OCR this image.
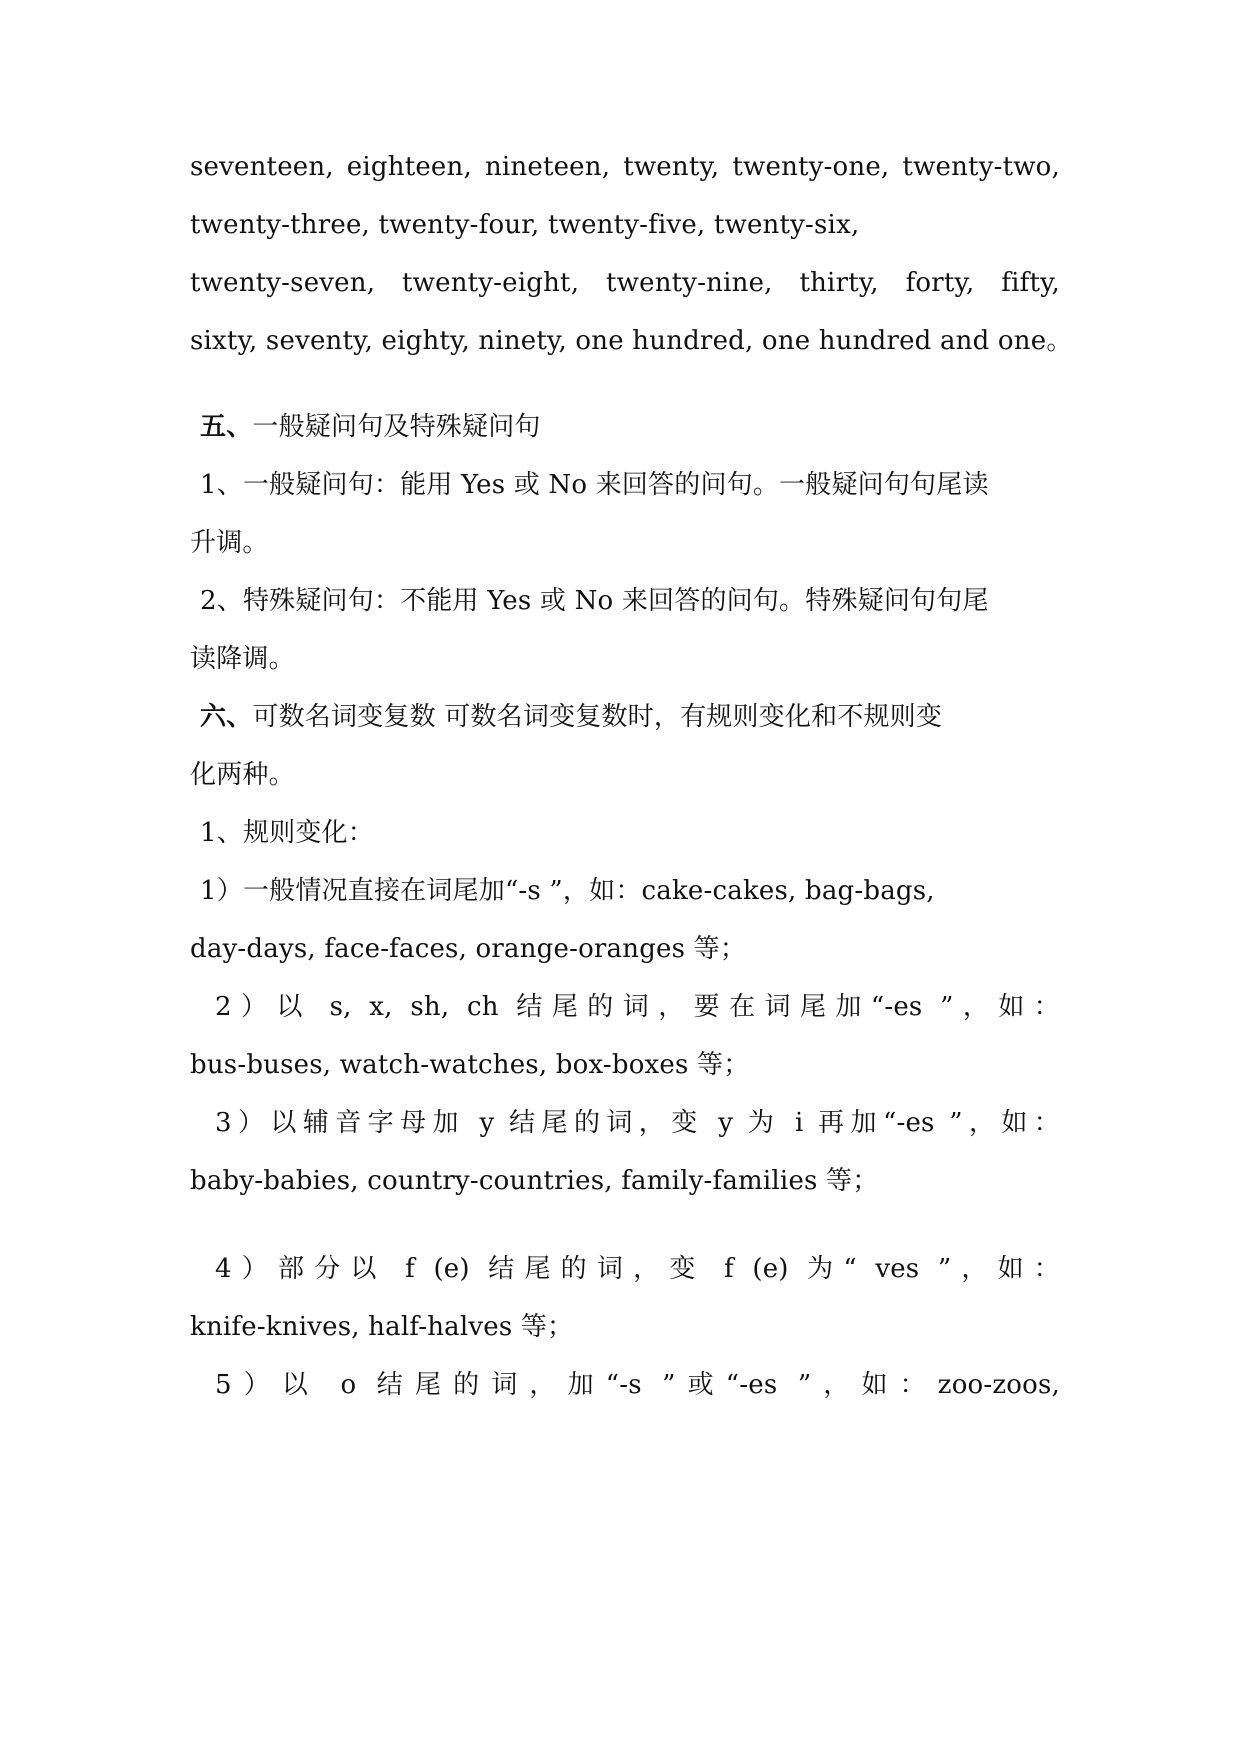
seventeen, eighteen, nineteen, twenty, twenty-one, twenty-two,
twenty-three, twenty-four, twenty-five, twenty-six,
twenty-seven, twenty-eight, twenty-nine, thirty, forty, fifty,
sixty, seventy, eighty, ninety, one hundred, one hundred and one。
五、 一般疑问句及特殊疑问句
1、一般疑问句：能用 Yes 或 No 来回答的问句。一般疑问句句尾读
升调。
2、特殊疑问句：不能用 Yes 或 No 来回答的问句。特殊疑问句句尾
读降调。
六、 可数名词变复数 可数名词变复数时，有规则变化和不规则变
化两种。
1、规则变化：
1）一般情况直接在词尾加“-s ”，如：cake-cakes, bag-bags,
day-days, face-faces, orange-oranges 等；
2）以 s, x, sh, ch 结尾的词，要在词尾加“-es ”，如：
bus-buses, watch-watches, box-boxes 等；
3）以辅音字母加 y 结尾的词，变 y 为 i 再加“-es ”，如：
baby-babies, country-countries, family-families 等；
4）部分以 f (e) 结尾的词，变 f (e) 为“ ves ”，如：
knife-knives, half-halves 等；
5）以 o 结尾的词，加“-s ”或“-es ”，如：zoo-zoos,
